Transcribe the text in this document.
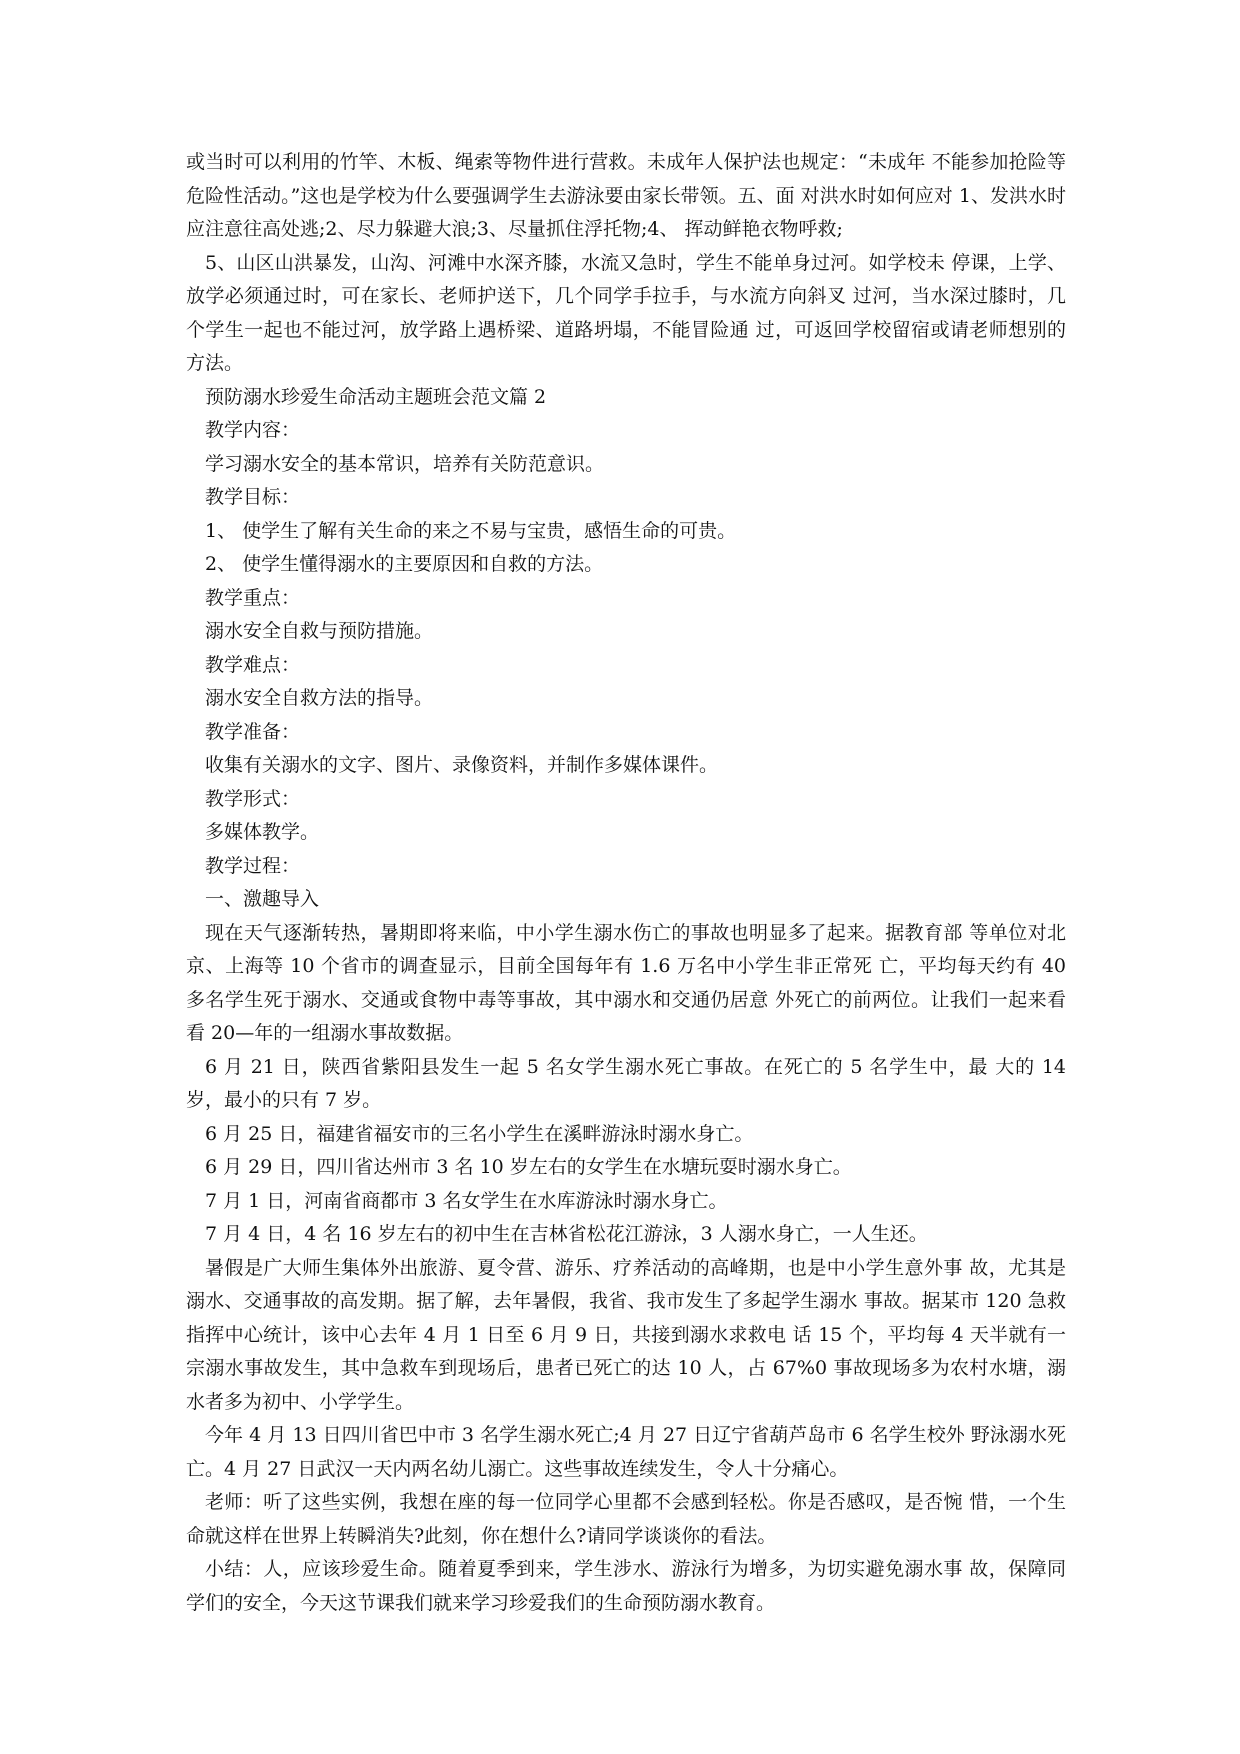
或当时可以利用的竹竿、木板、绳索等物件进行营救。未成年人保护法也规定：“未成年 不能参加抢险等危险性活动。”这也是学校为什么要强调学生去游泳要由家长带领。五、面 对洪水时如何应对 1、发洪水时应注意往高处逃;2、尽力躲避大浪;3、尽量抓住浮托物;4、 挥动鲜艳衣物呼救;

5、山区山洪暴发，山沟、河滩中水深齐膝，水流又急时，学生不能单身过河。如学校未 停课，上学、放学必须通过时，可在家长、老师护送下，几个同学手拉手，与水流方向斜叉 过河，当水深过膝时，几个学生一起也不能过河，放学路上遇桥梁、道路坍塌，不能冒险通 过，可返回学校留宿或请老师想别的方法。

预防溺水珍爱生命活动主题班会范文篇 2

教学内容：

学习溺水安全的基本常识，培养有关防范意识。

教学目标：

1、 使学生了解有关生命的来之不易与宝贵，感悟生命的可贵。

2、 使学生懂得溺水的主要原因和自救的方法。

教学重点：

溺水安全自救与预防措施。

教学难点：

溺水安全自救方法的指导。

教学准备：

收集有关溺水的文字、图片、录像资料，并制作多媒体课件。

教学形式：

多媒体教学。

教学过程：

一、激趣导入

现在天气逐渐转热，暑期即将来临，中小学生溺水伤亡的事故也明显多了起来。据教育部 等单位对北京、上海等 10 个省市的调查显示，目前全国每年有 1.6 万名中小学生非正常死 亡，平均每天约有 40 多名学生死于溺水、交通或食物中毒等事故，其中溺水和交通仍居意 外死亡的前两位。让我们一起来看看 20—年的一组溺水事故数据。

6 月 21 日，陕西省紫阳县发生一起 5 名女学生溺水死亡事故。在死亡的 5 名学生中，最 大的 14 岁，最小的只有 7 岁。

6 月 25 日，福建省福安市的三名小学生在溪畔游泳时溺水身亡。

6 月 29 日，四川省达州市 3 名 10 岁左右的女学生在水塘玩耍时溺水身亡。

7 月 1 日，河南省商都市 3 名女学生在水库游泳时溺水身亡。

7 月 4 日，4 名 16 岁左右的初中生在吉林省松花江游泳，3 人溺水身亡，一人生还。

暑假是广大师生集体外出旅游、夏令营、游乐、疗养活动的高峰期，也是中小学生意外事 故，尤其是溺水、交通事故的高发期。据了解，去年暑假，我省、我市发生了多起学生溺水 事故。据某市 120 急救指挥中心统计，该中心去年 4 月 1 日至 6 月 9 日，共接到溺水求救电 话 15 个，平均每 4 天半就有一宗溺水事故发生，其中急救车到现场后，患者已死亡的达 10 人，占 67%0 事故现场多为农村水塘，溺水者多为初中、小学学生。

今年 4 月 13 日四川省巴中市 3 名学生溺水死亡;4 月 27 日辽宁省葫芦岛市 6 名学生校外 野泳溺水死亡。4 月 27 日武汉一天内两名幼儿溺亡。这些事故连续发生，令人十分痛心。

老师：听了这些实例，我想在座的每一位同学心里都不会感到轻松。你是否感叹，是否惋 惜，一个生命就这样在世界上转瞬消失?此刻，你在想什么?请同学谈谈你的看法。

小结：人，应该珍爱生命。随着夏季到来，学生涉水、游泳行为增多，为切实避免溺水事 故，保障同学们的安全，今天这节课我们就来学习珍爱我们的生命预防溺水教育。
